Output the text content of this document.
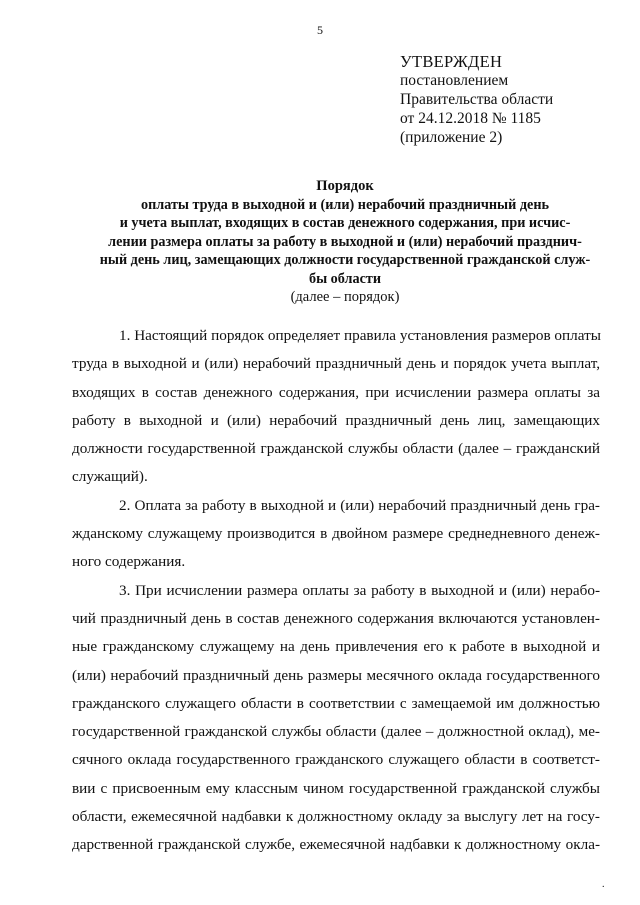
5
УТВЕРЖДЕН
постановлением
Правительства области
от 24.12.2018 № 1185
(приложение 2)
Порядок
оплаты труда в выходной и (или) нерабочий праздничный день
и учета выплат, входящих в состав денежного содержания, при исчис-
лении размера оплаты за работу в выходной и (или) нерабочий празднич-
ный день лиц, замещающих должности государственной гражданской служ-
бы области
(далее – порядок)
1. Настоящий порядок определяет правила установления размеров оплаты
труда в выходной и (или) нерабочий праздничный день и порядок учета выплат,
входящих в состав денежного содержания, при исчислении размера оплаты за
работу в выходной и (или) нерабочий праздничный день лиц, замещающих
должности государственной гражданской службы области (далее – гражданский
служащий).
2. Оплата за работу в выходной и (или) нерабочий праздничный день гра-
жданскому служащему производится в двойном размере среднедневного денеж-
ного содержания.
3. При исчислении размера оплаты за работу в выходной и (или) нерабо-
чий праздничный день в состав денежного содержания включаются установлен-
ные гражданскому служащему на день привлечения его к работе в выходной и
(или) нерабочий праздничный день размеры месячного оклада государственного
гражданского служащего области в соответствии с замещаемой им должностью
государственной гражданской службы области (далее – должностной оклад), ме-
сячного оклада государственного гражданского служащего области в соответст-
вии с присвоенным ему классным чином государственной гражданской службы
области, ежемесячной надбавки к должностному окладу за выслугу лет на госу-
дарственной гражданской службе, ежемесячной надбавки к должностному окла-
.
